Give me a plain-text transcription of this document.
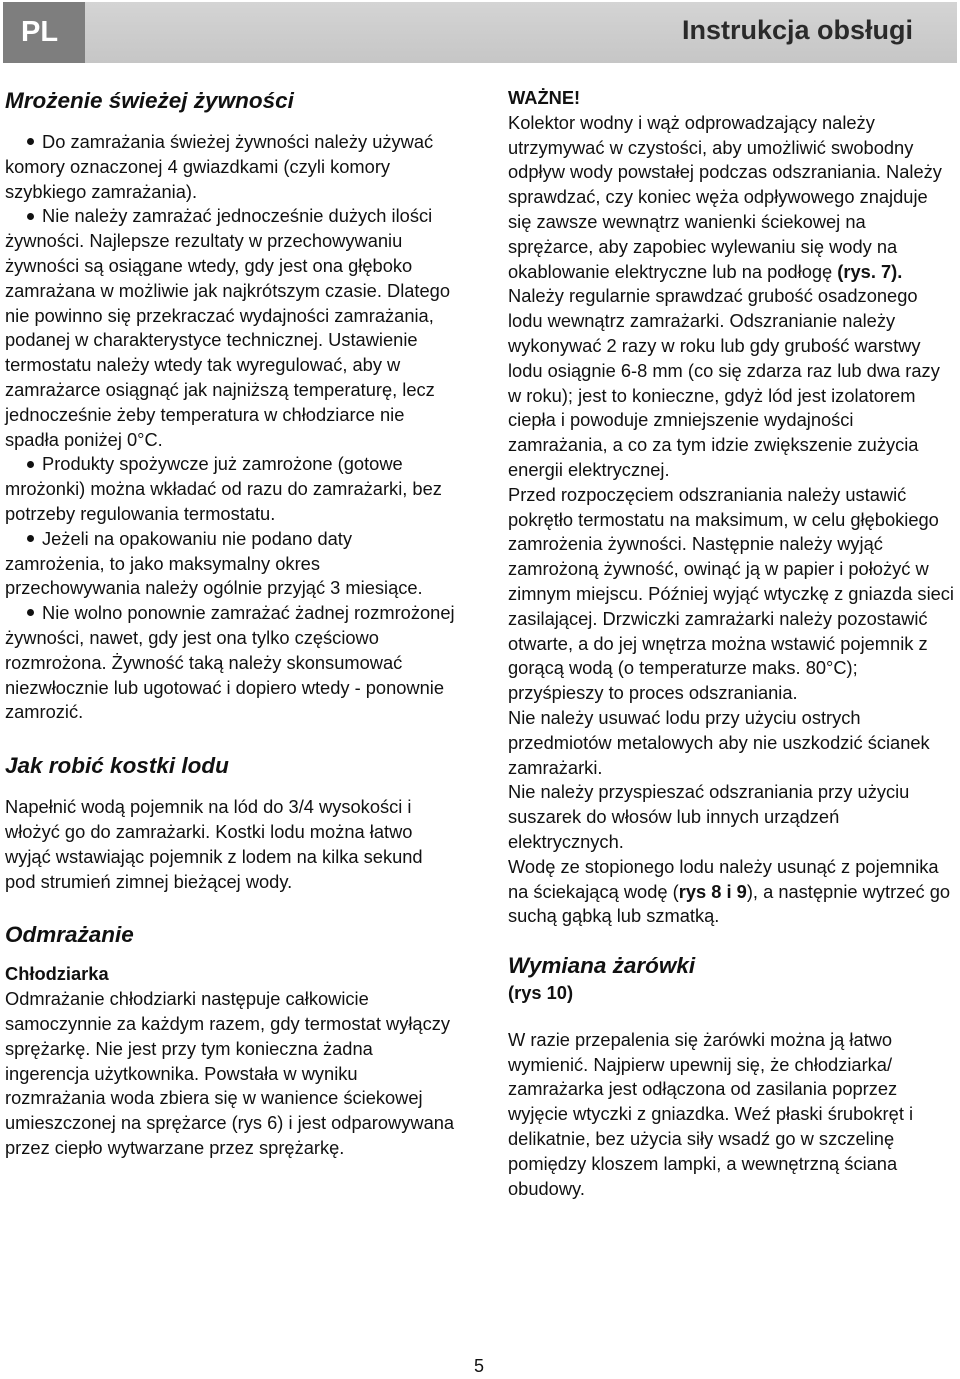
PL	Instrukcja obsługi
Mrożenie świeżej żywności
Do zamrażania świeżej żywności należy używać komory oznaczonej 4 gwiazdkami (czyli komory szybkiego zamrażania).
Nie należy zamrażać jednocześnie dużych ilości żywności. Najlepsze rezultaty w przechowywaniu żywności są osiągane wtedy, gdy jest ona głęboko zamrażana w możliwie jak najkrótszym czasie. Dlatego nie powinno się przekraczać wydajności zamrażania, podanej w charakterystyce technicznej. Ustawienie termostatu należy wtedy tak wyregulować, aby w zamrażarce osiągnąć jak najniższą temperaturę, lecz jednocześnie żeby temperatura w chłodziarce nie spadła poniżej 0°C.
Produkty spożywcze już zamrożone (gotowe mrożonki) można wkładać od razu do zamrażarki, bez potrzeby regulowania termostatu.
Jeżeli na opakowaniu nie podano daty zamrożenia, to jako maksymalny okres przechowywania należy ogólnie przyjąć 3 miesiące.
Nie wolno ponownie zamrażać żadnej rozmrożonej żywności, nawet, gdy jest ona tylko częściowo rozmrożona. Żywność taką należy skonsumować niezwłocznie lub ugotować i dopiero wtedy - ponownie zamrozić.
Jak robić kostki lodu

Napełnić wodą pojemnik na lód do 3/4 wysokości i włożyć go do zamrażarki. Kostki lodu można łatwo wyjąć wstawiając pojemnik z lodem na kilka sekund pod strumień zimnej bieżącej wody.

Odmrażanie
Chłodziarka

Odmrażanie chłodziarki następuje całkowicie samoczynnie za każdym razem, gdy termostat wyłączy sprężarkę. Nie jest przy tym konieczna żadna ingerencja użytkownika. Powstała w wyniku rozmrażania woda zbiera się w wanience ściekowej umieszczonej na sprężarce (rys 6) i jest odparowywana przez ciepło wytwarzane przez sprężarkę.

WAŻNE!

Kolektor wodny i wąż odprowadzający należy utrzymywać w czystości, aby umożliwić swobodny odpływ wody powstałej podczas odszraniania. Należy sprawdzać, czy koniec węża odpływowego znajduje się zawsze wewnątrz wanienki ściekowej na sprężarce, aby zapobiec wylewaniu się wody na okablowanie elektryczne lub na podłogę (rys. 7). Należy regularnie sprawdzać grubość osadzonego lodu wewnątrz zamrażarki. Odszranianie należy wykonywać 2 razy w roku lub gdy grubość warstwy lodu osiągnie 6-8 mm (co się zdarza raz lub dwa razy w roku); jest to konieczne, gdyż lód jest izolatorem ciepła i powoduje zmniejszenie wydajności zamrażania, a co za tym idzie zwiększenie zużycia energii elektrycznej.

Przed rozpoczęciem odszraniania należy ustawić pokrętło termostatu na maksimum, w celu głębokiego zamrożenia żywności. Następnie należy wyjąć zamrożoną żywność, owinąć ją w papier i położyć w zimnym miejscu. Później wyjąć wtyczkę z gniazda sieci zasilającej. Drzwiczki zamrażarki należy pozostawić otwarte, a do jej wnętrza można wstawić pojemnik z gorącą wodą (o temperaturze maks. 80°C); przyśpieszy to proces odszraniania.

Nie należy usuwać lodu przy użyciu ostrych przedmiotów metalowych aby nie uszkodzić ścianek zamrażarki.

Nie należy przyspieszać odszraniania przy użyciu suszarek do włosów lub innych urządzeń elektrycznych.

Wodę ze stopionego lodu należy usunąć z pojemnika na ściekającą wodę (rys 8 i 9), a następnie wytrzeć go suchą gąbką lub szmatką.

Wymiana żarówki
(rys 10)

W razie przepalenia się żarówki można ją łatwo wymienić. Najpierw upewnij się, że chłodziarka/ zamrażarka jest odłączona od zasilania poprzez wyjęcie wtyczki z gniazdka. Weź płaski śrubokręt i delikatnie, bez użycia siły wsadź go w szczelinę pomiędzy kloszem lampki, a wewnętrzną ściana obudowy.

5
